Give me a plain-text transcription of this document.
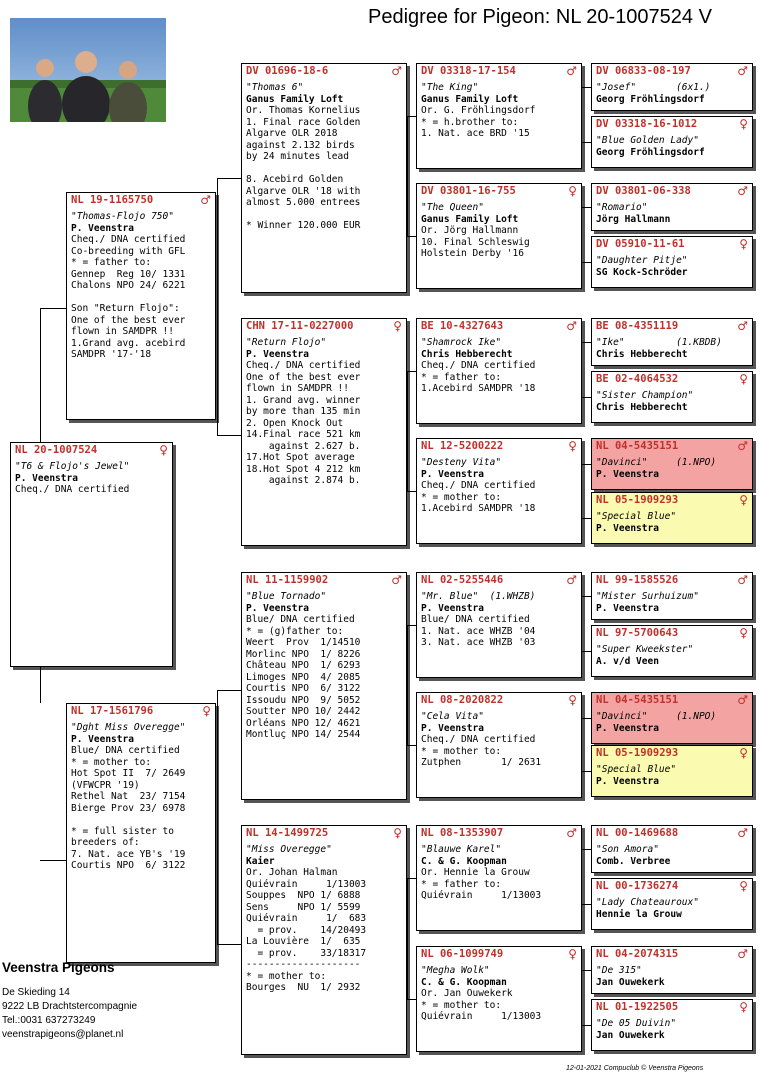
Pedigree for Pigeon: NL 20-1007524 V
NL 20-1007524	♀
"T6 & Flojo's Jewel"
P. Veenstra
Cheq./ DNA certified
NL 19-1165750	♂
"Thomas-Flojo 750"
P. Veenstra
Cheq./ DNA certified
Co-breeding with GFL
* = father to:
Gennep  Reg 10/ 1331
Chalons NPO 24/ 6221

Son "Return Flojo":
One of the best ever
flown in SAMDPR !!
1.Grand avg. acebird
SAMDPR '17-'18
NL 17-1561796	♀
"Dght Miss Overegge"
P. Veenstra
Blue/ DNA certified
* = mother to:
Hot Spot II  7/ 2649
(VFWCPR '19)
Rethel Nat  23/ 7154
Bierge Prov 23/ 6978

* = full sister to
breeders of:
7. Nat. ace YB's '19
Courtis NPO  6/ 3122
DV 01696-18-6	♂
"Thomas 6"
Ganus Family Loft
Or. Thomas Kornelius
1. Final race Golden
Algarve OLR 2018
against 2.132 birds
by 24 minutes lead

8. Acebird Golden
Algarve OLR '18 with
almost 5.000 entrees

* Winner 120.000 EUR
CHN 17-11-0227000	♀
"Return Flojo"
P. Veenstra
Cheq./ DNA certified
One of the best ever
flown in SAMDPR !!
1. Grand avg. winner
by more than 135 min
2. Open Knock Out
14.Final race 521 km
against 2.627 b.
17.Hot Spot average
18.Hot Spot 4 212 km
against 2.874 b.
NL 11-1159902	♂
"Blue Tornado"
P. Veenstra
Blue/ DNA certified
* = (g)father to:
Weert  Prov  1/14510
Morlinc NPO  1/ 8226
Château NPO  1/ 6293
Limoges NPO  4/ 2085
Courtis NPO  6/ 3122
Issoudu NPO  9/ 5052
Soutter NPO 10/ 2442
Orléans NPO 12/ 4621
Montluç NPO 14/ 2544
NL 14-1499725	♀
"Miss Overegge"
Kaier
Or. Johan Halman
Quiévrain     1/13003
Souppes  NPO 1/ 6888
Sens     NPO 1/ 5599
Quiévrain     1/  683
= prov.    14/20493
La Louvière  1/  635
= prov.    33/18317
--------------------
* = mother to:
Bourges  NU  1/ 2932
DV 03318-17-154	♂
"The King"
Ganus Family Loft
Or. G. Fröhlingsdorf
* = h.brother to:
1. Nat. ace BRD '15
DV 03801-16-755	♀
"The Queen"
Ganus Family Loft
Or. Jörg Hallmann
10. Final Schleswig
Holstein Derby '16
BE 10-4327643	♂
"Shamrock Ike"
Chris Hebberecht
Cheq./ DNA certified
* = father to:
1.Acebird SAMDPR '18
NL 12-5200222	♀
"Desteny Vita"
P. Veenstra
Cheq./ DNA certified
* = mother to:
1.Acebird SAMDPR '18
NL 02-5255446	♂
"Mr. Blue"  (1.WHZB)
P. Veenstra
Blue/ DNA certified
1. Nat. ace WHZB '04
3. Nat. ace WHZB '03
NL 08-2020822	♀
"Cela Vita"
P. Veenstra
Cheq./ DNA certified
* = mother to:
Zutphen       1/ 2631
NL 08-1353907	♂
"Blauwe Karel"
C. & G. Koopman
Or. Hennie la Grouw
* = father to:
Quiévrain     1/13003
NL 06-1099749	♀
"Megha Wolk"
C. & G. Koopman
Or. Jan Ouwekerk
* = mother to:
Quiévrain     1/13003
DV 06833-08-197	♂
"Josef"       (6x1.)
Georg Fröhlingsdorf
DV 03318-16-1012	♀
"Blue Golden Lady"
Georg Fröhlingsdorf
DV 03801-06-338	♂
"Romario"
Jörg Hallmann
DV 05910-11-61	♀
"Daughter Pitje"
SG Kock-Schröder
BE 08-4351119	♂
"Ike"         (1.KBDB)
Chris Hebberecht
BE 02-4064532	♀
"Sister Champion"
Chris Hebberecht
NL 04-5435151	♂
"Davinci"     (1.NPO)
P. Veenstra
NL 05-1909293	♀
"Special Blue"
P. Veenstra
NL 99-1585526	♂
"Mister Surhuizum"
P. Veenstra
NL 97-5700643	♀
"Super Kweekster"
A. v/d Veen
NL 04-5435151	♂
"Davinci"     (1.NPO)
P. Veenstra
NL 05-1909293	♀
"Special Blue"
P. Veenstra
NL 00-1469688	♂
"Son Amora"
Comb. Verbree
NL 00-1736274	♀
"Lady Chateauroux"
Hennie la Grouw
NL 04-2074315	♂
"De 315"
Jan Ouwekerk
NL 01-1922505	♀
"De 05 Duivin"
Jan Ouwekerk
Veenstra Pigeons
De Skieding 14
9222 LB Drachtstercompagnie
Tel.:0031 637273249
veenstrapigeons@planet.nl
12-01-2021 Compuclub © Veenstra Pigeons
